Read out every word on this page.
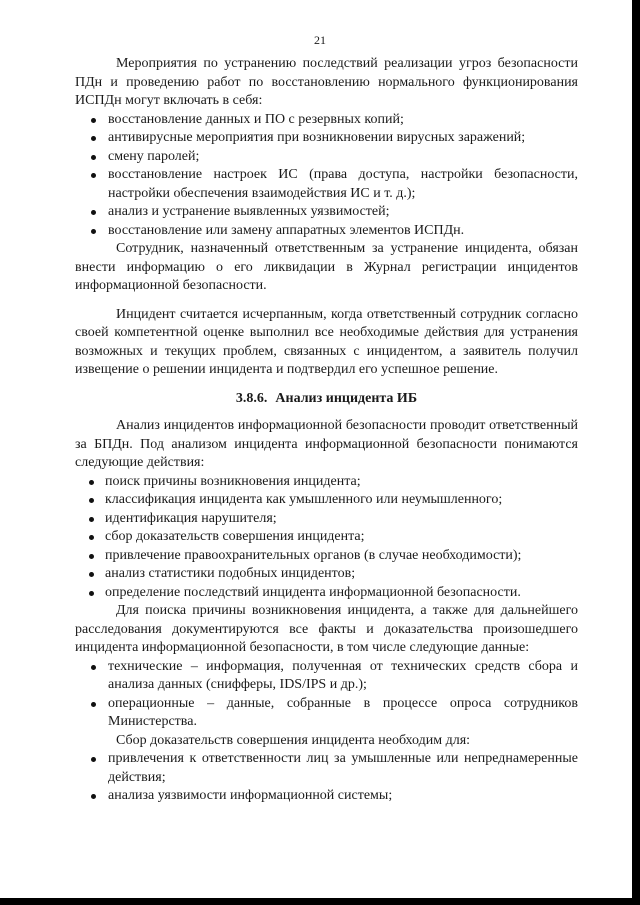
21

Мероприятия по устранению последствий реализации угроз безопасности ПДн и проведению работ по восстановлению нормального функционирования ИСПДн могут включать в себя:

восстановление данных и ПО с резервных копий;
антивирусные мероприятия при возникновении вирусных заражений;
смену паролей;
восстановление настроек ИС (права доступа, настройки безопасности, настройки обеспечения взаимодействия ИС и т. д.);
анализ и устранение выявленных уязвимостей;
восстановление или замену аппаратных элементов ИСПДн.

Сотрудник, назначенный ответственным за устранение инцидента, обязан внести информацию о его ликвидации в Журнал регистрации инцидентов информационной безопасности.

Инцидент считается исчерпанным, когда ответственный сотрудник согласно своей компетентной оценке выполнил все необходимые действия для устранения возможных и текущих проблем, связанных с инцидентом, а заявитель получил извещение о решении инцидента и подтвердил его успешное решение.

3.8.6. Анализ инцидента ИБ

Анализ инцидентов информационной безопасности проводит ответственный за БПДн. Под анализом инцидента информационной безопасности понимаются следующие действия:

поиск причины возникновения инцидента;
классификация инцидента как умышленного или неумышленного;
идентификация нарушителя;
сбор доказательств совершения инцидента;
привлечение правоохранительных органов (в случае необходимости);
анализ статистики подобных инцидентов;
определение последствий инцидента информационной безопасности.

Для поиска причины возникновения инцидента, а также для дальнейшего расследования документируются все факты и доказательства произошедшего инцидента информационной безопасности, в том числе следующие данные:

технические – информация, полученная от технических средств сбора и анализа данных (снифферы, IDS/IPS и др.);
операционные – данные, собранные в процессе опроса сотрудников Министерства.

Сбор доказательств совершения инцидента необходим для:

привлечения к ответственности лиц за умышленные или непреднамеренные действия;
анализа уязвимости информационной системы;
